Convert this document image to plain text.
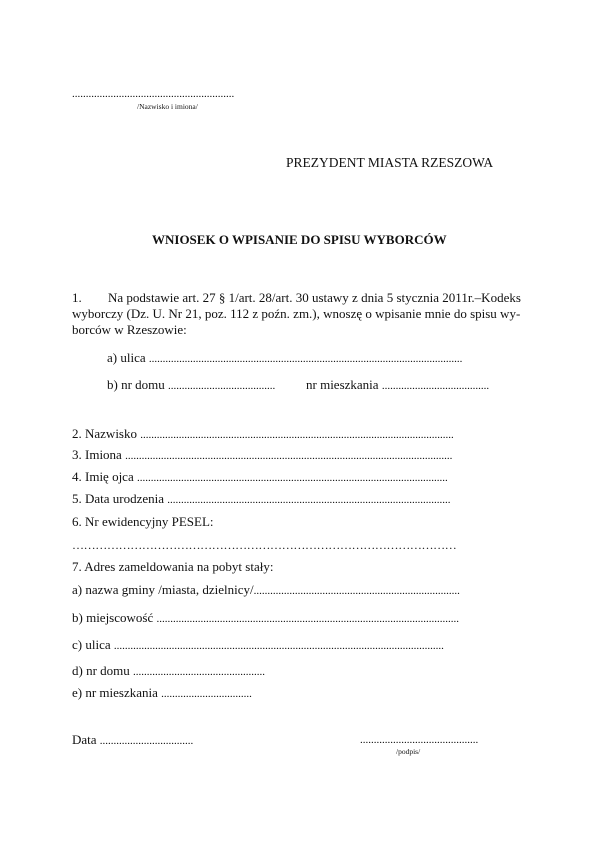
...........................................................
/Nazwisko i imiona/
PREZYDENT MIASTA RZESZOWA
WNIOSEK O WPISANIE DO SPISU WYBORCÓW
1. Na podstawie art. 27 § 1/art. 28/art. 30 ustawy z dnia 5 stycznia 2011r.–Kodeks
wyborczy (Dz. U. Nr 21, poz. 112 z poźn. zm.), wnoszę o wpisanie mnie do spisu wy-
borców w Rzeszowie:
a) ulica ..................................................................................................................
b) nr domu ....................................... nr mieszkania .......................................
2. Nazwisko ..................................................................................................................
3. Imiona .......................................................................................................................
4. Imię ojca .................................................................................................................
5. Data urodzenia .......................................................................................................
6. Nr ewidencyjny PESEL:
………………………………………………………………………………………
7. Adres zameldowania na pobyt stały:
a) nazwa gminy /miasta, dzielnicy/...........................................................................
b) miejscowość ..............................................................................................................
c) ulica ........................................................................................................................
d) nr domu ................................................
e) nr mieszkania .................................
Data ..................................	...........................................
/podpis/
